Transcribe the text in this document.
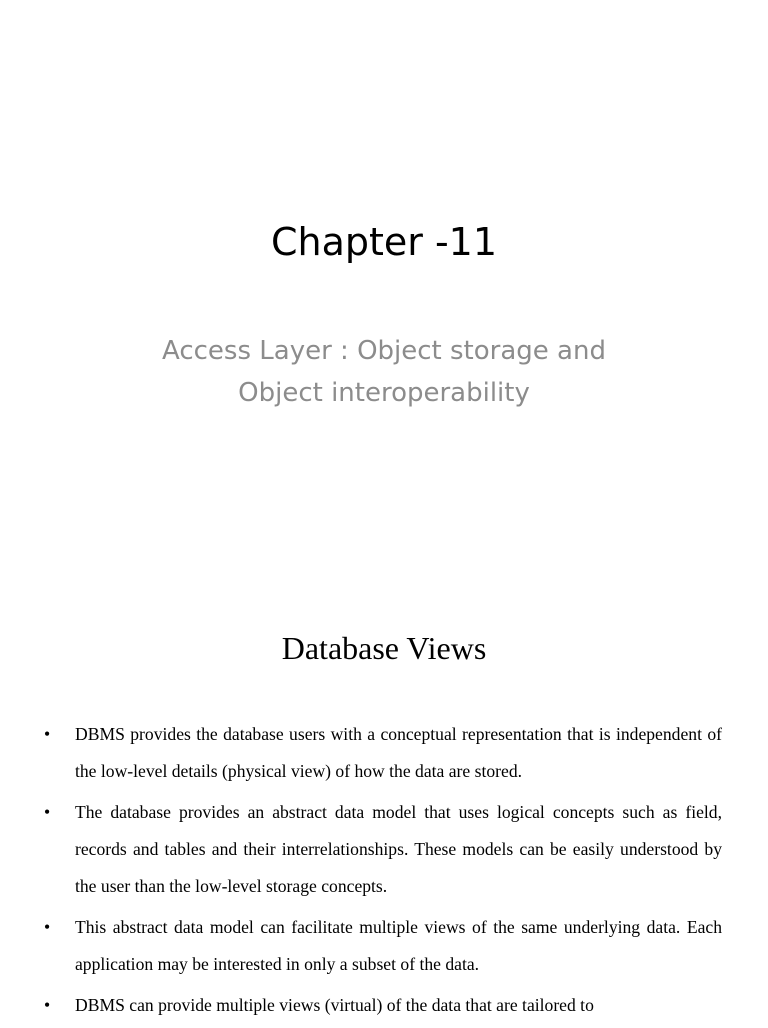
Chapter -11
Access Layer : Object storage and
Object interoperability
Database Views
• DBMS provides the database users with a conceptual representation that is independent of the low-level details (physical view) of how the data are stored.
• The database provides an abstract data model that uses logical concepts such as field, records and tables and their interrelationships. These models can be easily understood by the user than the low-level storage concepts.
• This abstract data model can facilitate multiple views of the same underlying data. Each application may be interested in only a subset of the data.
• DBMS can provide multiple views (virtual) of the data that are tailored to
